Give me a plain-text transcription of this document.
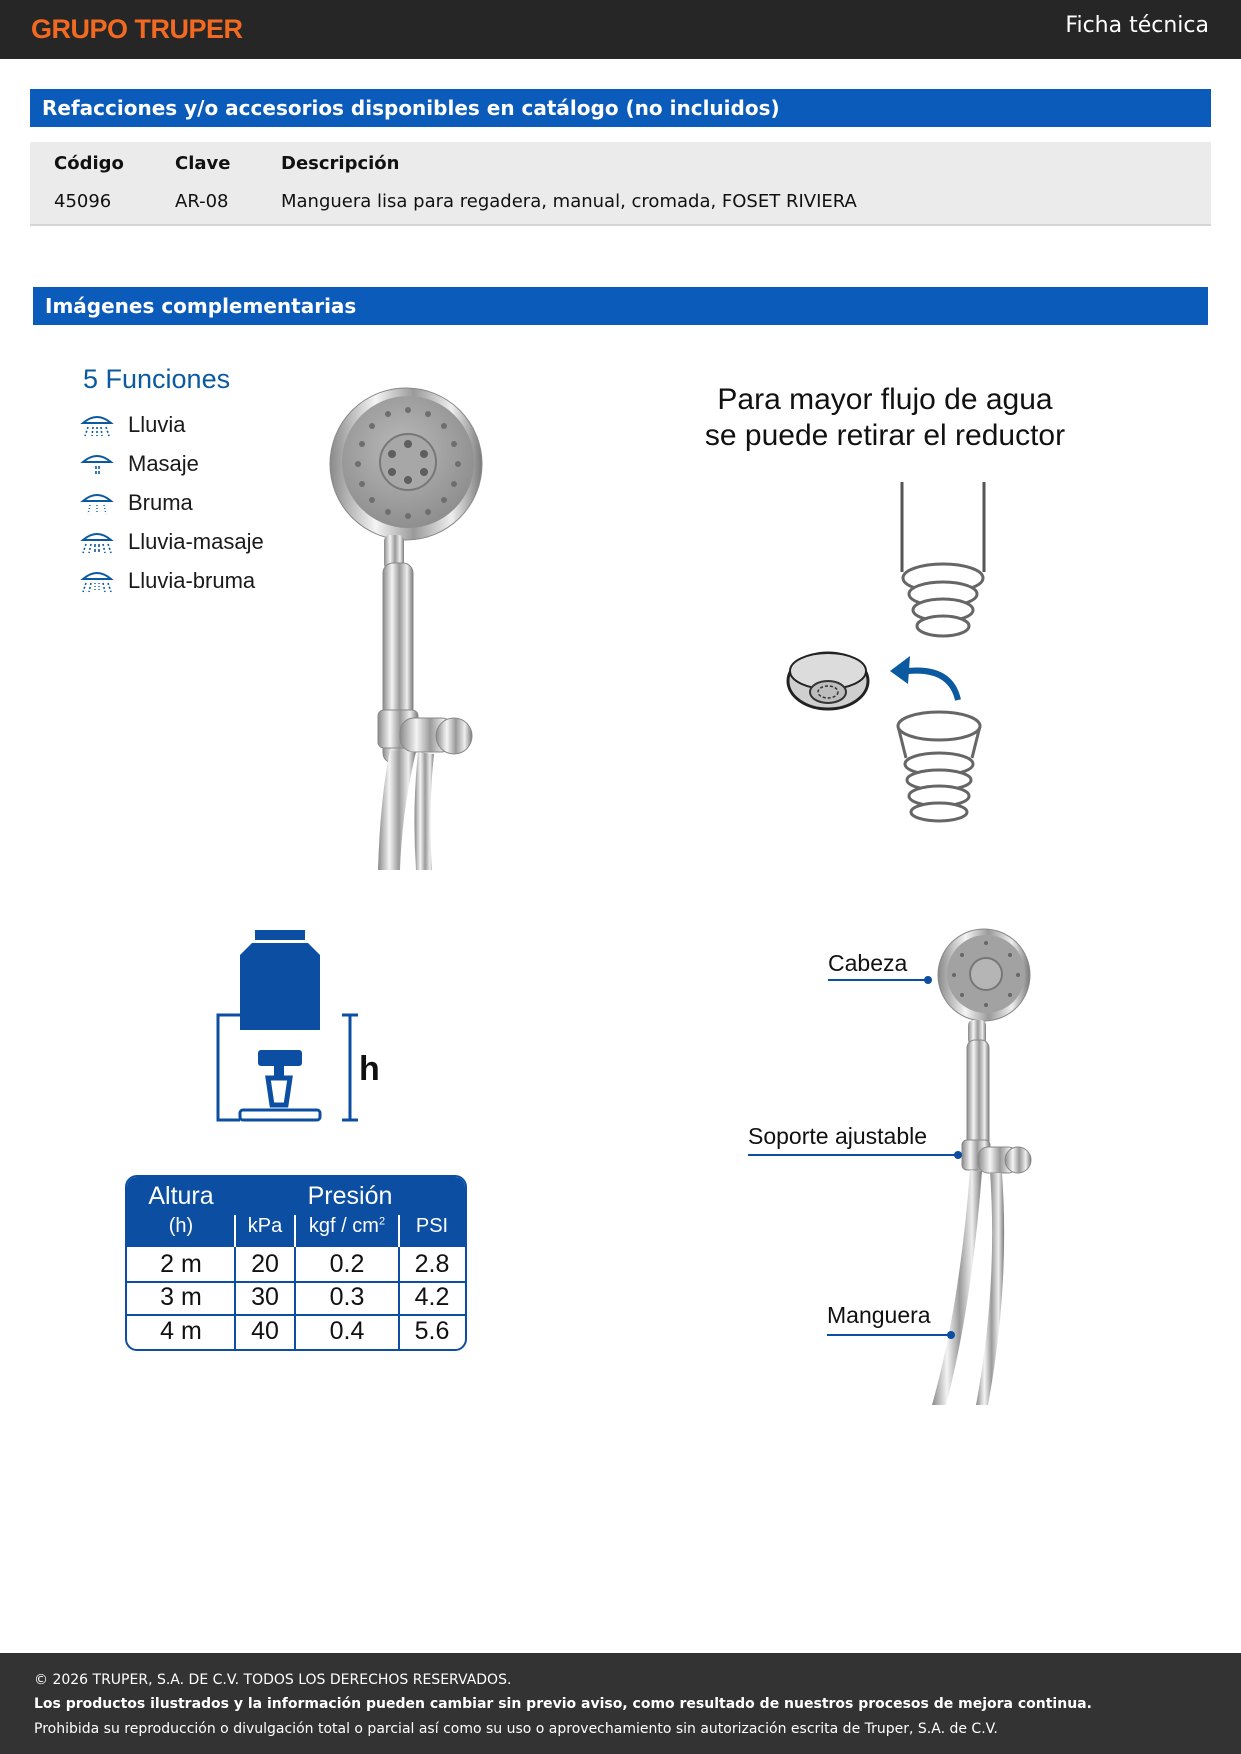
GRUPO TRUPER	Ficha técnica
Refacciones y/o accesorios disponibles en catálogo (no incluidos)
Código	Clave	Descripción
45096	AR-08	Manguera lisa para regadera, manual, cromada, FOSET RIVIERA
Imágenes complementarias
5 Funciones
Lluvia
Masaje
Bruma
Lluvia-masaje
Lluvia-bruma
Para mayor flujo de agua
se puede retirar el reductor
h
Altura	Presión
(h)	kPa	kgf / $cm^2$	PSI
2 m	20	0.2	2.8
3 m	30	0.3	4.2
4 m	40	0.4	5.6
Cabeza
Soporte ajustable
Manguera
© 2026 TRUPER, S.A. DE C.V. TODOS LOS DERECHOS RESERVADOS.
Los productos ilustrados y la información pueden cambiar sin previo aviso, como resultado de nuestros procesos de mejora continua.
Prohibida su reproducción o divulgación total o parcial así como su uso o aprovechamiento sin autorización escrita de Truper, S.A. de C.V.
